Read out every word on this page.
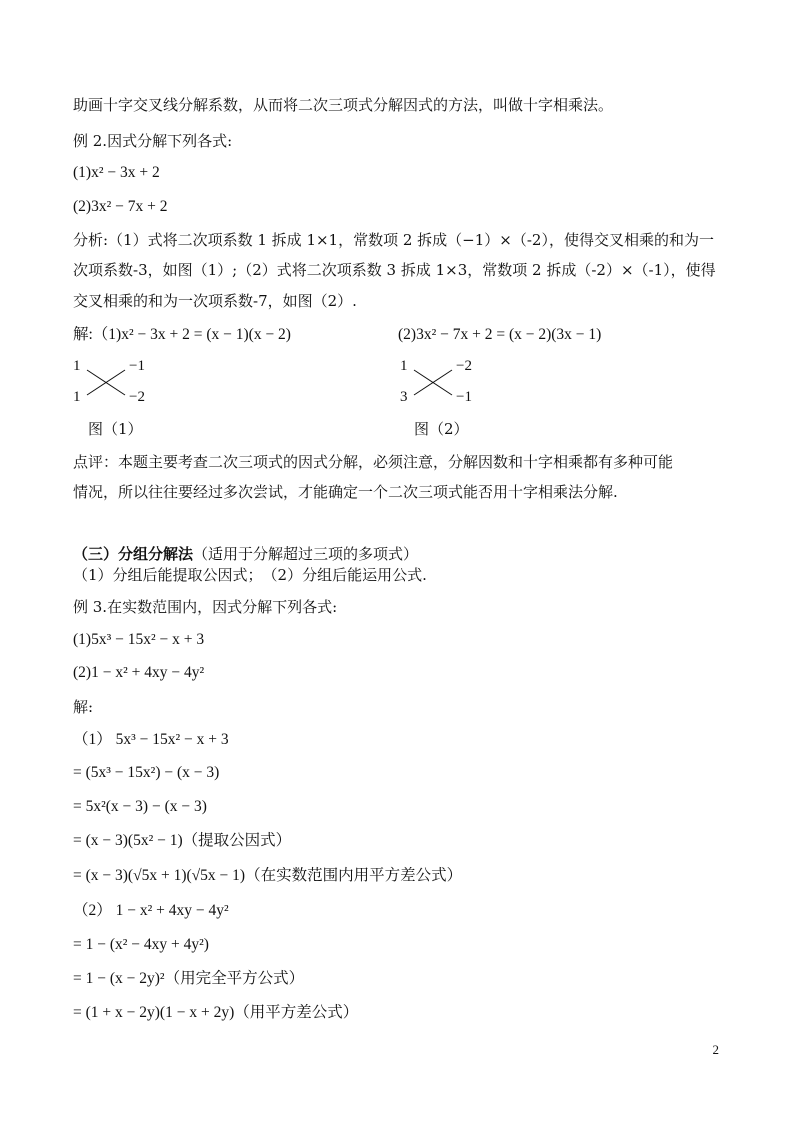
助画十字交叉线分解系数，从而将二次三项式分解因式的方法，叫做十字相乘法。
例 2.因式分解下列各式:
(1)x² − 3x + 2
(2)3x² − 7x + 2
分析:（1）式将二次项系数 1 拆成 1×1，常数项 2 拆成（−1）×（-2），使得交叉相乘的和为一
次项系数-3，如图（1）;（2）式将二次项系数 3 拆成 1×3，常数项 2 拆成（-2）×（-1），使得
交叉相乘的和为一次项系数-7，如图（2）.
解:（1)x² − 3x + 2 = (x − 1)(x − 2)	(2)3x² − 7x + 2 = (x − 2)(3x − 1)
1	−1
1	−2
图（1）
1	−2
3	−1
图（2）
点评：本题主要考查二次三项式的因式分解，必须注意，分解因数和十字相乘都有多种可能
情况，所以往往要经过多次尝试，才能确定一个二次三项式能否用十字相乘法分解.
（三）分组分解法（适用于分解超过三项的多项式）
（1）分组后能提取公因式；　（2）分组后能运用公式.
例 3.在实数范围内，因式分解下列各式:
(1)5x³ − 15x² − x + 3
(2)1 − x² + 4xy − 4y²
解:
（1） 5x³ − 15x² − x + 3
= (5x³ − 15x²) − (x − 3)
= 5x²(x − 3) − (x − 3)
= (x − 3)(5x² − 1)（提取公因式）
= (x − 3)(√5x + 1)(√5x − 1)（在实数范围内用平方差公式）
（2） 1 − x² + 4xy − 4y²
= 1 − (x² − 4xy + 4y²)
= 1 − (x − 2y)²（用完全平方公式）
= (1 + x − 2y)(1 − x + 2y)（用平方差公式）
2
